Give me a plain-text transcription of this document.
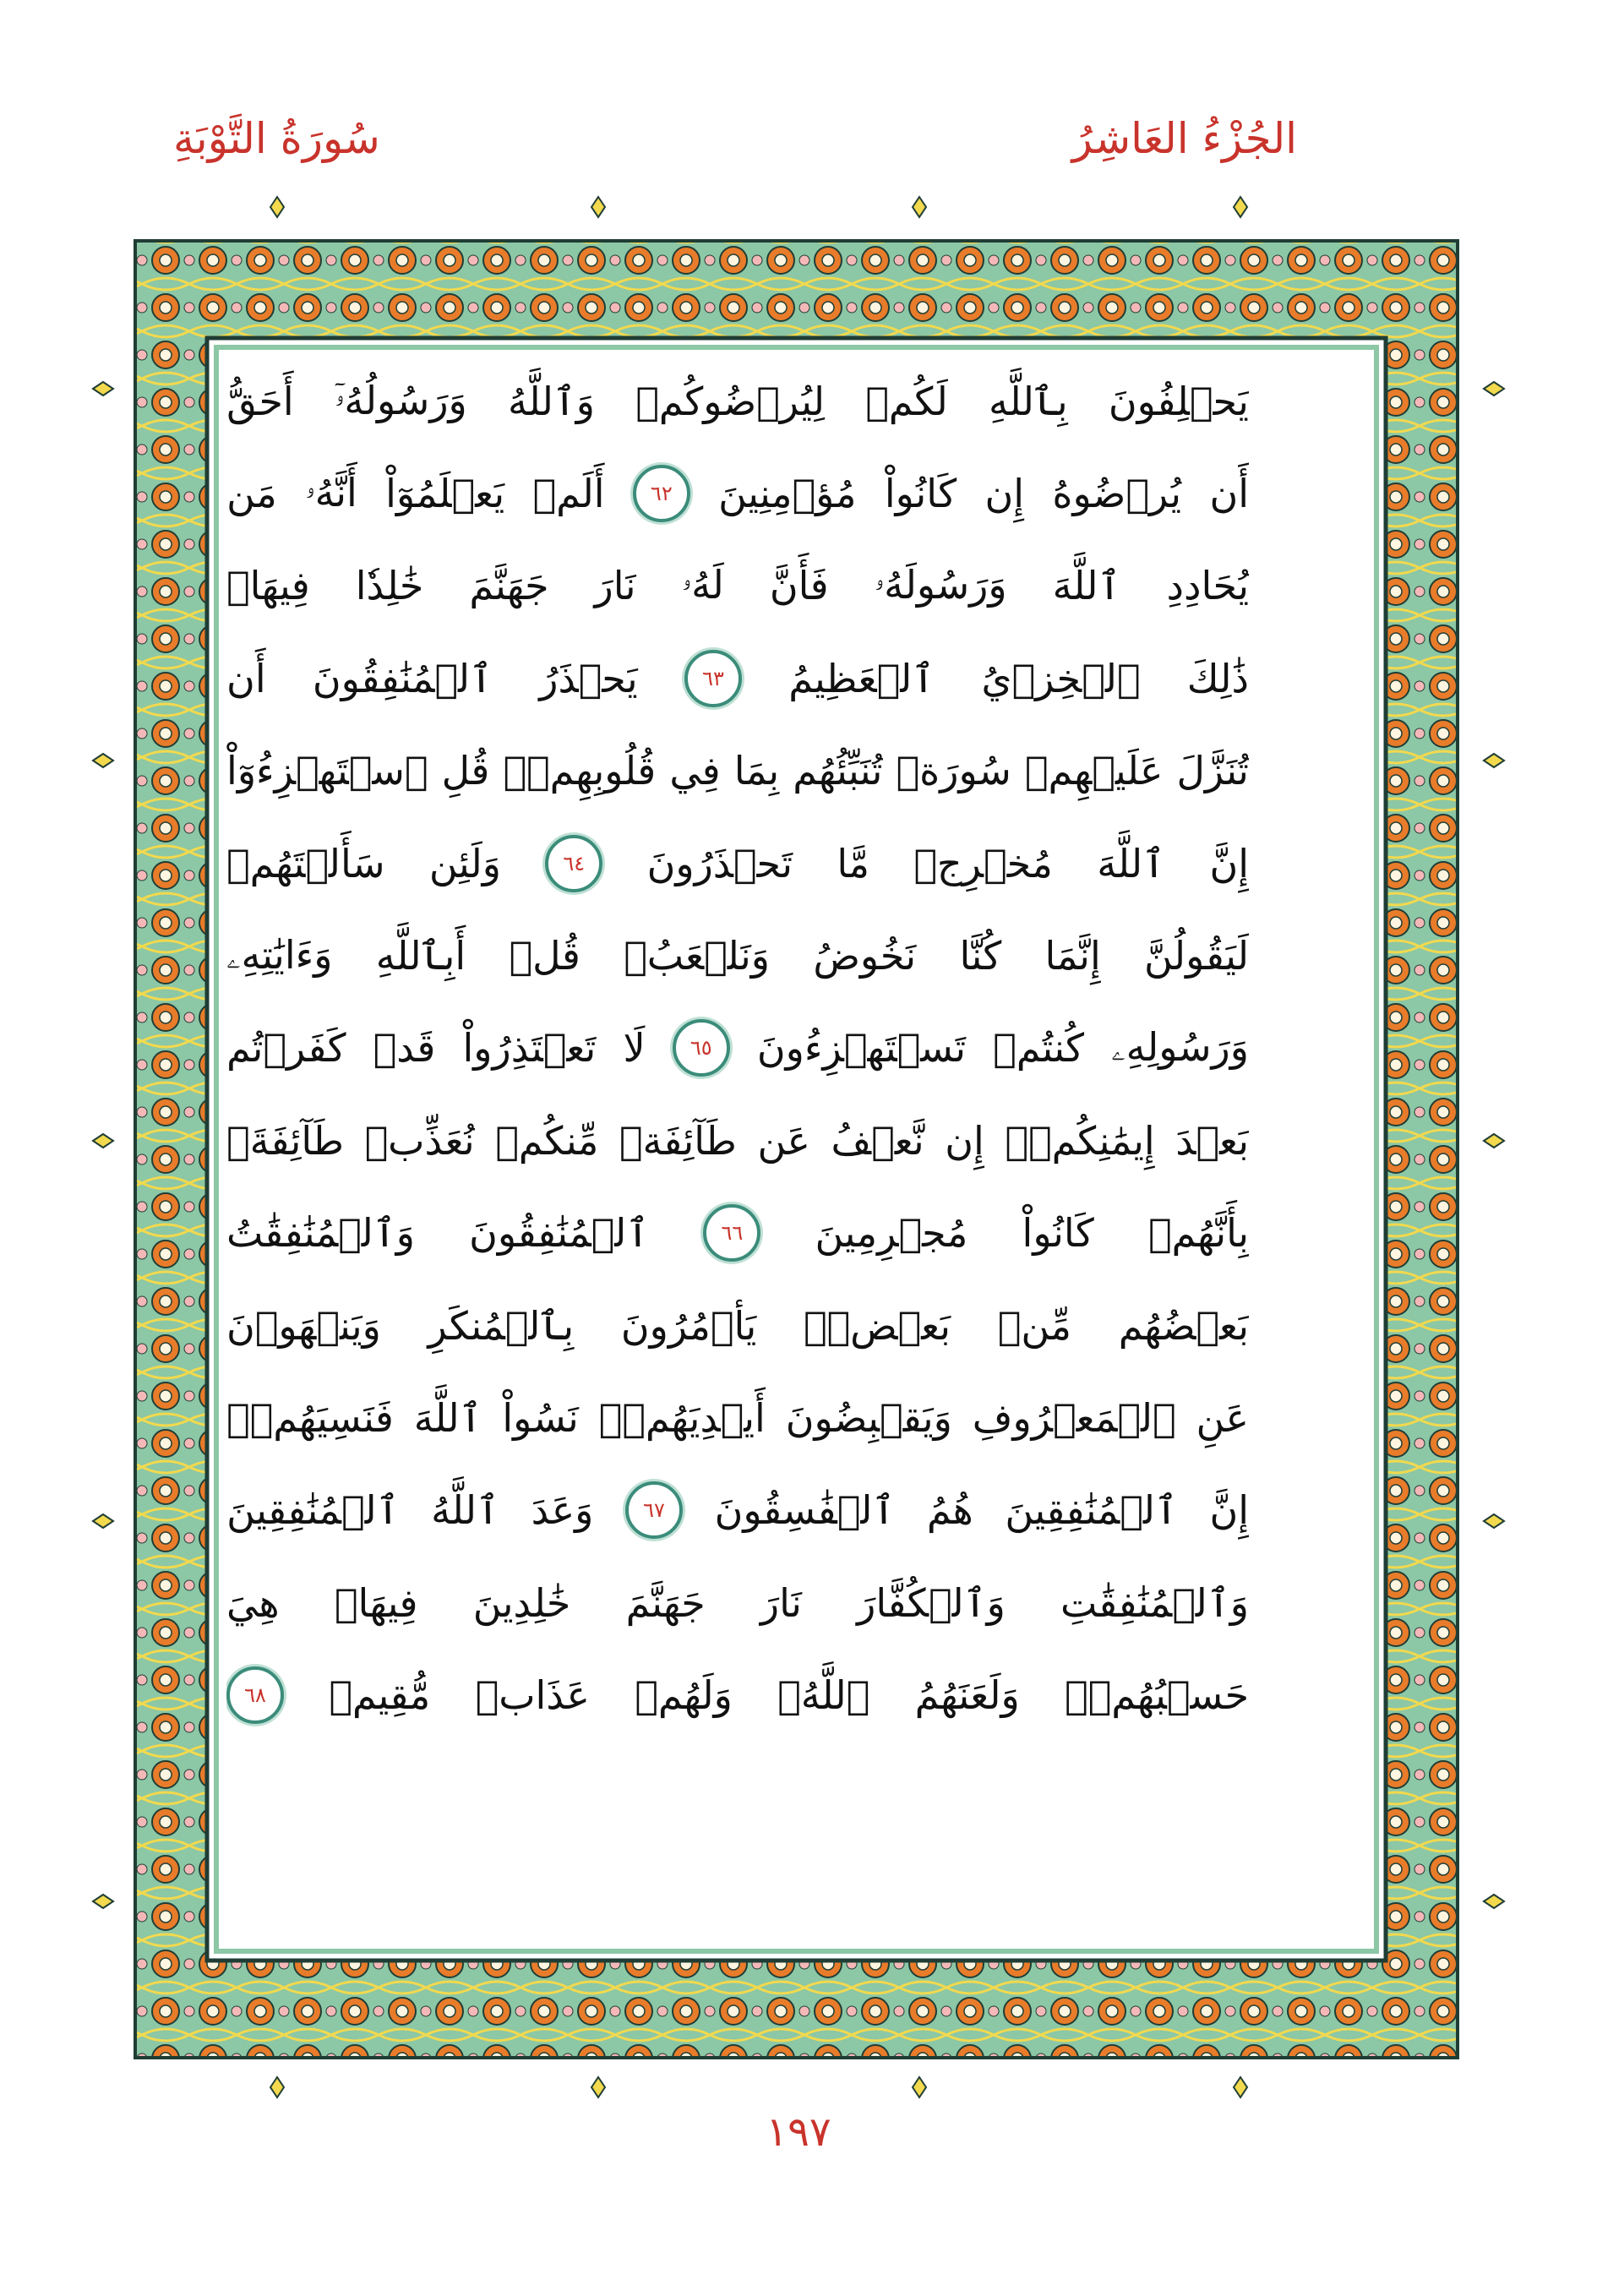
الجُزْءُ العَاشِرُ
سُورَةُ التَّوْبَةِ
يَحۡلِفُونَ
بِٱللَّهِ
لَكُمۡ
لِيُرۡضُوكُمۡ
وَٱللَّهُ
وَرَسُولُهُۥٓ
أَحَقُّ
أَن
يُرۡضُوهُ
إِن
كَانُواْ
مُؤۡمِنِينَ
٦٢
أَلَمۡ
يَعۡلَمُوٓاْ
أَنَّهُۥ
مَن
يُحَادِدِ
ٱللَّهَ
وَرَسُولَهُۥ
فَأَنَّ
لَهُۥ
نَارَ
جَهَنَّمَ
خَٰلِدٗا
فِيهَاۚ
ذَٰلِكَ
ٱلۡخِزۡيُ
ٱلۡعَظِيمُ
٦٣
يَحۡذَرُ
ٱلۡمُنَٰفِقُونَ
أَن
تُنَزَّلَ
عَلَيۡهِمۡ
سُورَةٞ
تُنَبِّئُهُم
بِمَا
فِي
قُلُوبِهِمۡۚ
قُلِ
ٱسۡتَهۡزِءُوٓاْ
إِنَّ
ٱللَّهَ
مُخۡرِجٞ
مَّا
تَحۡذَرُونَ
٦٤
وَلَئِن
سَأَلۡتَهُمۡ
لَيَقُولُنَّ
إِنَّمَا
كُنَّا
نَخُوضُ
وَنَلۡعَبُۚ
قُلۡ
أَبِٱللَّهِ
وَءَايَٰتِهِۦ
وَرَسُولِهِۦ
كُنتُمۡ
تَسۡتَهۡزِءُونَ
٦٥
لَا
تَعۡتَذِرُواْ
قَدۡ
كَفَرۡتُم
بَعۡدَ
إِيمَٰنِكُمۡۚ
إِن
نَّعۡفُ
عَن
طَآئِفَةٖ
مِّنكُمۡ
نُعَذِّبۡ
طَآئِفَةَۢ
بِأَنَّهُمۡ
كَانُواْ
مُجۡرِمِينَ
٦٦
ٱلۡمُنَٰفِقُونَ
وَٱلۡمُنَٰفِقَٰتُ
بَعۡضُهُم
مِّنۢ
بَعۡضٖۚ
يَأۡمُرُونَ
بِٱلۡمُنكَرِ
وَيَنۡهَوۡنَ
عَنِ
ٱلۡمَعۡرُوفِ
وَيَقۡبِضُونَ
أَيۡدِيَهُمۡۚ
نَسُواْ
ٱللَّهَ
فَنَسِيَهُمۡۚ
إِنَّ
ٱلۡمُنَٰفِقِينَ
هُمُ
ٱلۡفَٰسِقُونَ
٦٧
وَعَدَ
ٱللَّهُ
ٱلۡمُنَٰفِقِينَ
وَٱلۡمُنَٰفِقَٰتِ
وَٱلۡكُفَّارَ
نَارَ
جَهَنَّمَ
خَٰلِدِينَ
فِيهَاۚ
هِيَ
حَسۡبُهُمۡۚ
وَلَعَنَهُمُ
ٱللَّهُۖ
وَلَهُمۡ
عَذَابٞ
مُّقِيمٞ
٦٨
١٩٧
